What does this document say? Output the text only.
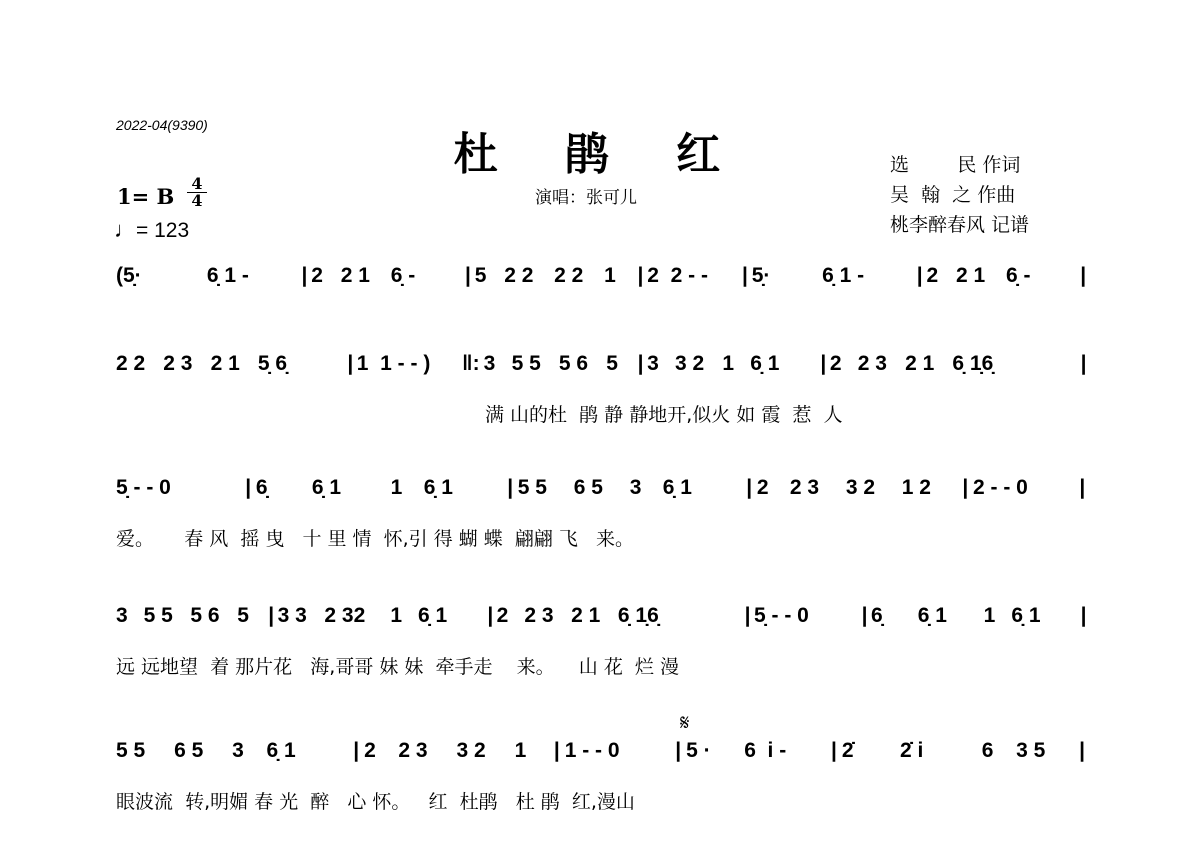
2022-04(9390)
杜 鹃 红
演唱：张可儿
选        民 作词
吴  翰  之 作曲
桃李醉春风 记谱
1= B
4
4
♩= 123
𝄋
(5̣·	6̣ 1 -	| 2 2 1 6̣ -	| 5 2 2 2 2 1	| 2  2 - -	| 5̣·	6̣ 1 -	| 2 2 1 6̣ -	|
2 2 2 3 2 1 5̣ 6̣	| 1  1 - - )	‖: 3 5 5 5 6 5 | 3 3 2 1 6̣ 1	| 2 2 3 2 1 6̣ 1̣6̣	|
满 山的杜  鹃 静 静地开,似火 如 霞  惹  人
5̣ - - 0	| 6̣	6̣ 1	1	6̣ 1	| 5 5	6 5	3	6̣ 1	| 2	2 3	3 2	1 2	| 2 - - 0	|
爱。     春 风  摇 曳   十 里 情  怀,引 得 蝴 蝶  翩翩 飞   来。
3 5 5 5 6 5 | 3 3 2 32	1 6̣ 1	| 2 2 3 2 1 6̣ 1̣6̣	| 5̣ - - 0	| 6̣	6̣ 1	1 6̣ 1	|
远 远地望  着 那片花   海,哥哥 妹 妹  牵手走    来。    山 花  烂 漫
5 5	6 5	3	6̣ 1	| 2	2 3	3 2	1	| 1 - - 0	| 5 ·	6  i -	| 2̇	2̇ i	6	3 5	|
眼波流  转,明媚 春 光  醉   心 怀。   红  杜鹃   杜 鹃  红,漫山
